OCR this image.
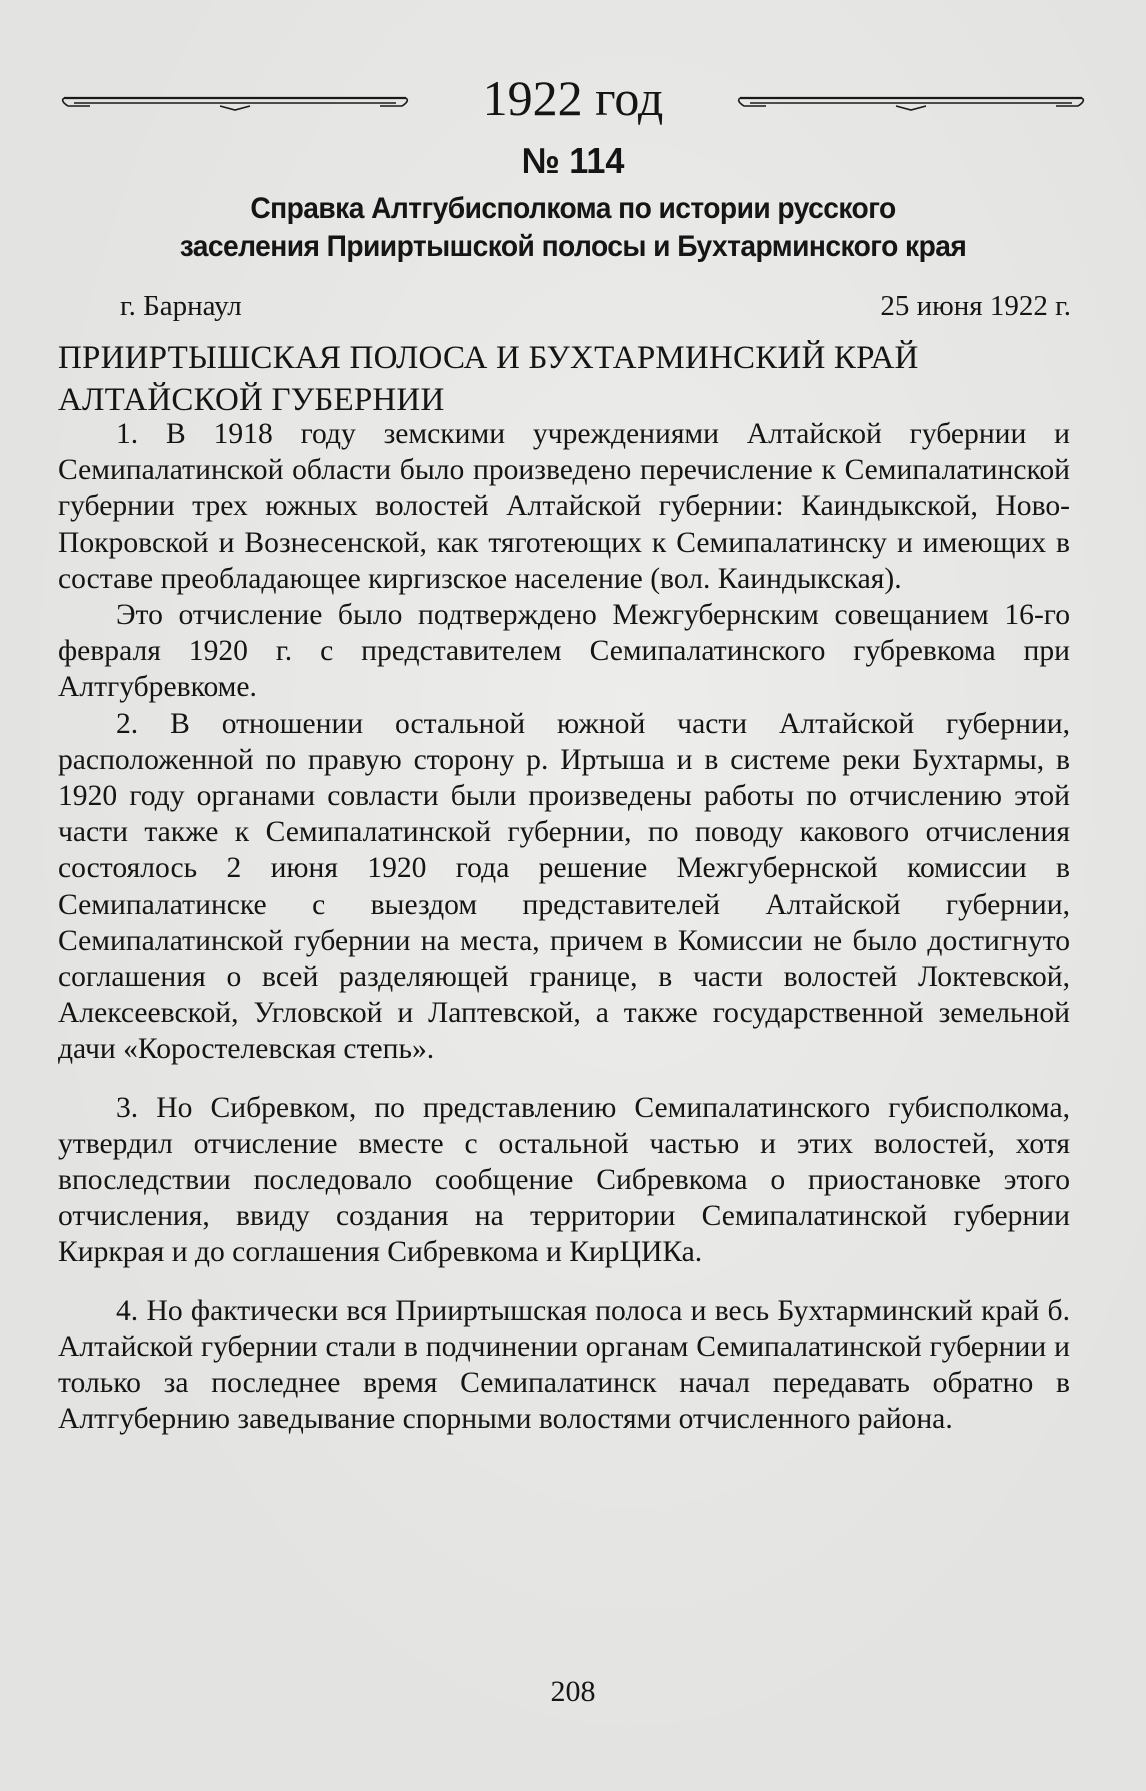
1922 год
№ 114
Справка Алтгубисполкома по истории русского
заселения Прииртышской полосы и Бухтарминского края
г. Барнаул	25 июня 1922 г.
ПРИИРТЫШСКАЯ ПОЛОСА И БУХТАРМИНСКИЙ КРАЙ
АЛТАЙСКОЙ ГУБЕРНИИ

1. В 1918 году земскими учреждениями Алтайской губернии и Семипалатинской области было произведено перечисление к Семипалатинской губернии трех южных волостей Алтайской губернии: Каиндыкской, Ново-Покровской и Вознесенской, как тяготеющих к Семипалатинску и имеющих в составе преобладающее киргизское население (вол. Каиндыкская).

Это отчисление было подтверждено Межгубернским совещанием 16-го февраля 1920 г. с представителем Семипалатинского губревкома при Алтгубревкоме.

2. В отношении остальной южной части Алтайской губернии, расположенной по правую сторону р. Иртыша и в системе реки Бухтармы, в 1920 году органами совласти были произведены работы по отчислению этой части также к Семипалатинской губернии, по поводу какового отчисления состоялось 2 июня 1920 года решение Межгубернской комиссии в Семипалатинске с выездом представителей Алтайской губернии, Семипалатинской губернии на места, причем в Комиссии не было достигнуто соглашения о всей разделяющей границе, в части волостей Локтевской, Алексеевской, Угловской и Лаптевской, а также государственной земельной дачи «Коростелевская степь».

3. Но Сибревком, по представлению Семипалатинского губисполкома, утвердил отчисление вместе с остальной частью и этих волостей, хотя впоследствии последовало сообщение Сибревкома о приостановке этого отчисления, ввиду создания на территории Семипалатинской губернии Киркрая и до соглашения Сибревкома и КирЦИКа.

4. Но фактически вся Прииртышская полоса и весь Бухтарминский край б. Алтайской губернии стали в подчинении органам Семипалатинской губернии и только за последнее время Семипалатинск начал передавать обратно в Алтгубернию заведывание спорными волостями отчисленного района.

208
